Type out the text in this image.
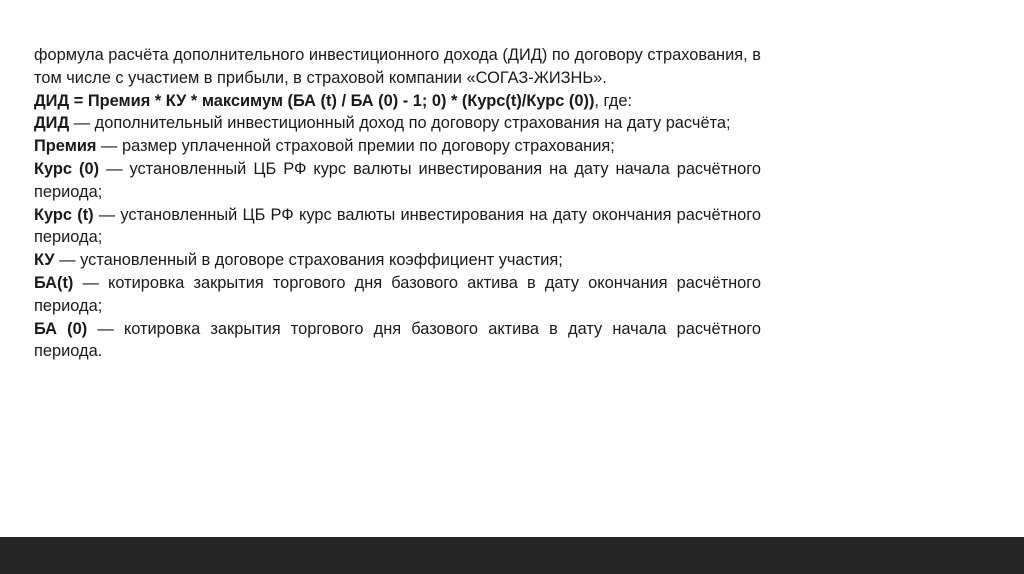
формула расчёта дополнительного инвестиционного дохода (ДИД) по договору страхования, в том числе с участием в прибыли, в страховой компании «СОГАЗ-ЖИЗНЬ».

ДИД = Премия * КУ * максимум (БА (t) / БА (0) - 1; 0) * (Курс(t)/Курс (0)), где:

ДИД — дополнительный инвестиционный доход по договору страхования на дату расчёта;

Премия — размер уплаченной страховой премии по договору страхования;

Курс (0) — установленный ЦБ РФ курс валюты инвестирования на дату начала расчётного периода;

Курс (t) — установленный ЦБ РФ курс валюты инвестирования на дату окончания расчётного периода;

КУ — установленный в договоре страхования коэффициент участия;

БА(t) — котировка закрытия торгового дня базового актива в дату окончания расчётного периода;

БА (0) — котировка закрытия торгового дня базового актива в дату начала расчётного периода.
